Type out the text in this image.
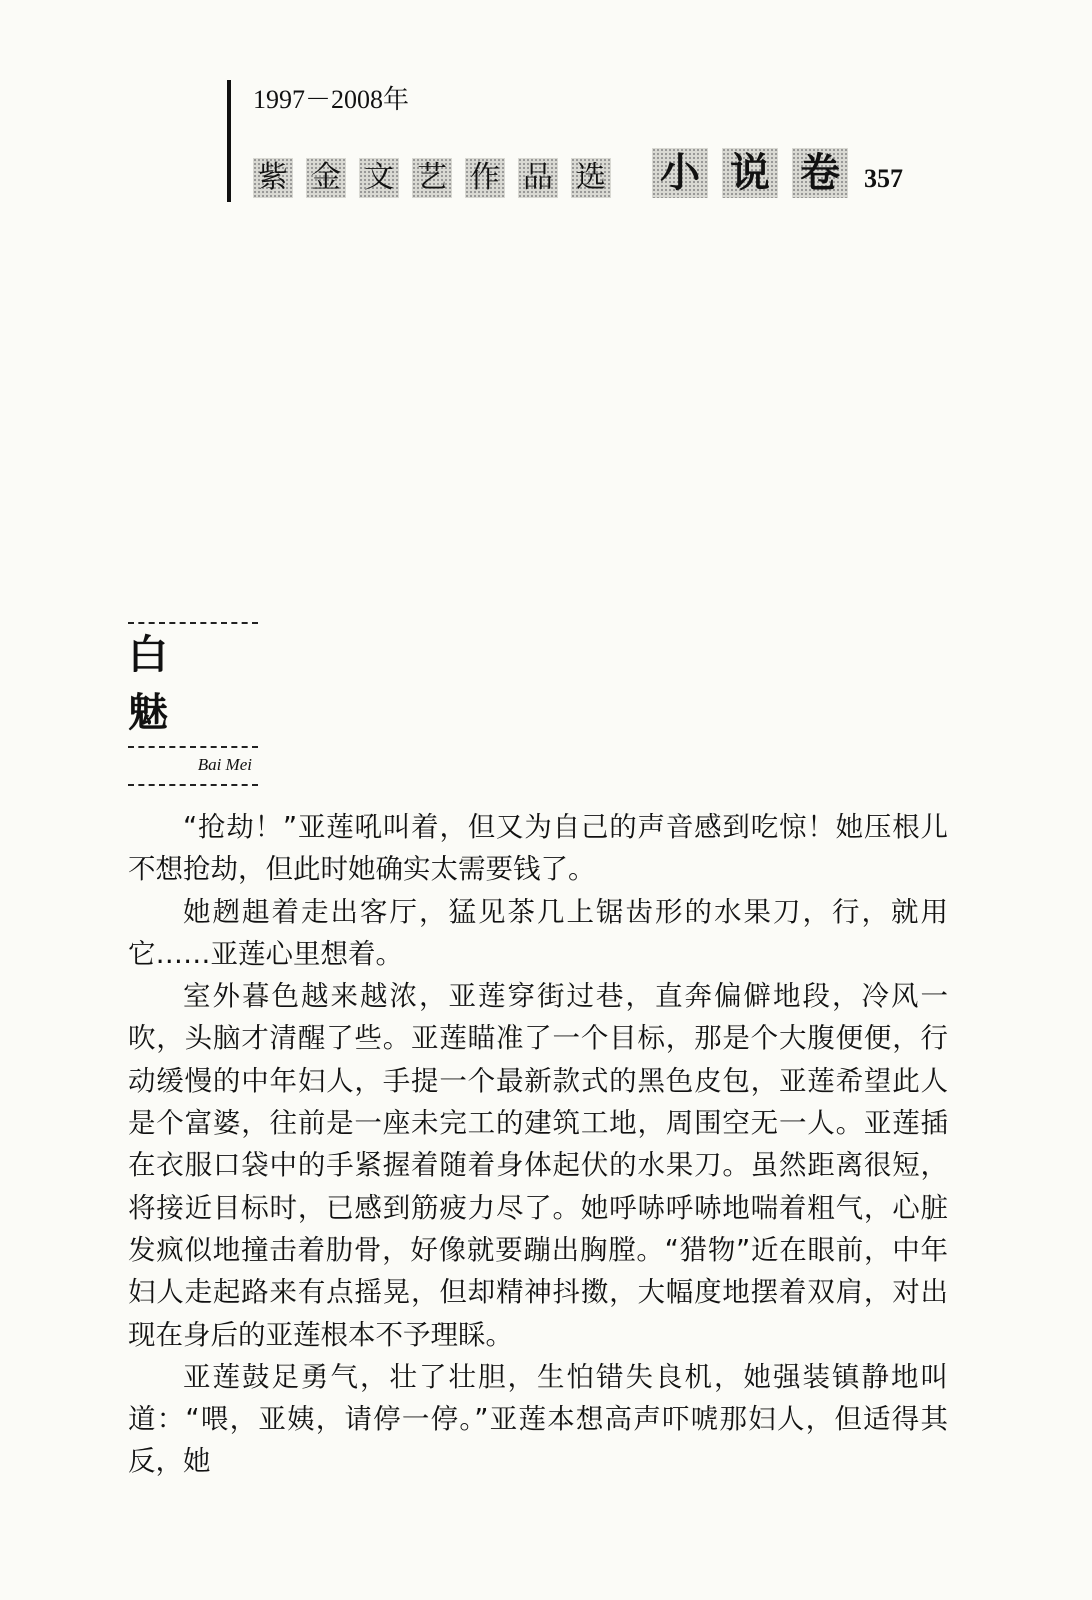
1997－2008年
紫 金 文 艺 作 品 选 小 说 卷 357
白魅
Bai Mei

“抢劫！”亚莲吼叫着，但又为自己的声音感到吃惊！她压根儿不想抢劫，但此时她确实太需要钱了。

她趔趄着走出客厅，猛见茶几上锯齿形的水果刀，行，就用它……亚莲心里想着。

室外暮色越来越浓，亚莲穿街过巷，直奔偏僻地段，冷风一吹，头脑才清醒了些。亚莲瞄准了一个目标，那是个大腹便便，行动缓慢的中年妇人，手提一个最新款式的黑色皮包，亚莲希望此人是个富婆，往前是一座未完工的建筑工地，周围空无一人。亚莲插在衣服口袋中的手紧握着随着身体起伏的水果刀。虽然距离很短，将接近目标时，已感到筋疲力尽了。她呼哧呼哧地喘着粗气，心脏发疯似地撞击着肋骨，好像就要蹦出胸膛。“猎物”近在眼前，中年妇人走起路来有点摇晃，但却精神抖擞，大幅度地摆着双肩，对出现在身后的亚莲根本不予理睬。

亚莲鼓足勇气，壮了壮胆，生怕错失良机，她强装镇静地叫道：“喂，亚姨，请停一停。”亚莲本想高声吓唬那妇人，但适得其反，她
